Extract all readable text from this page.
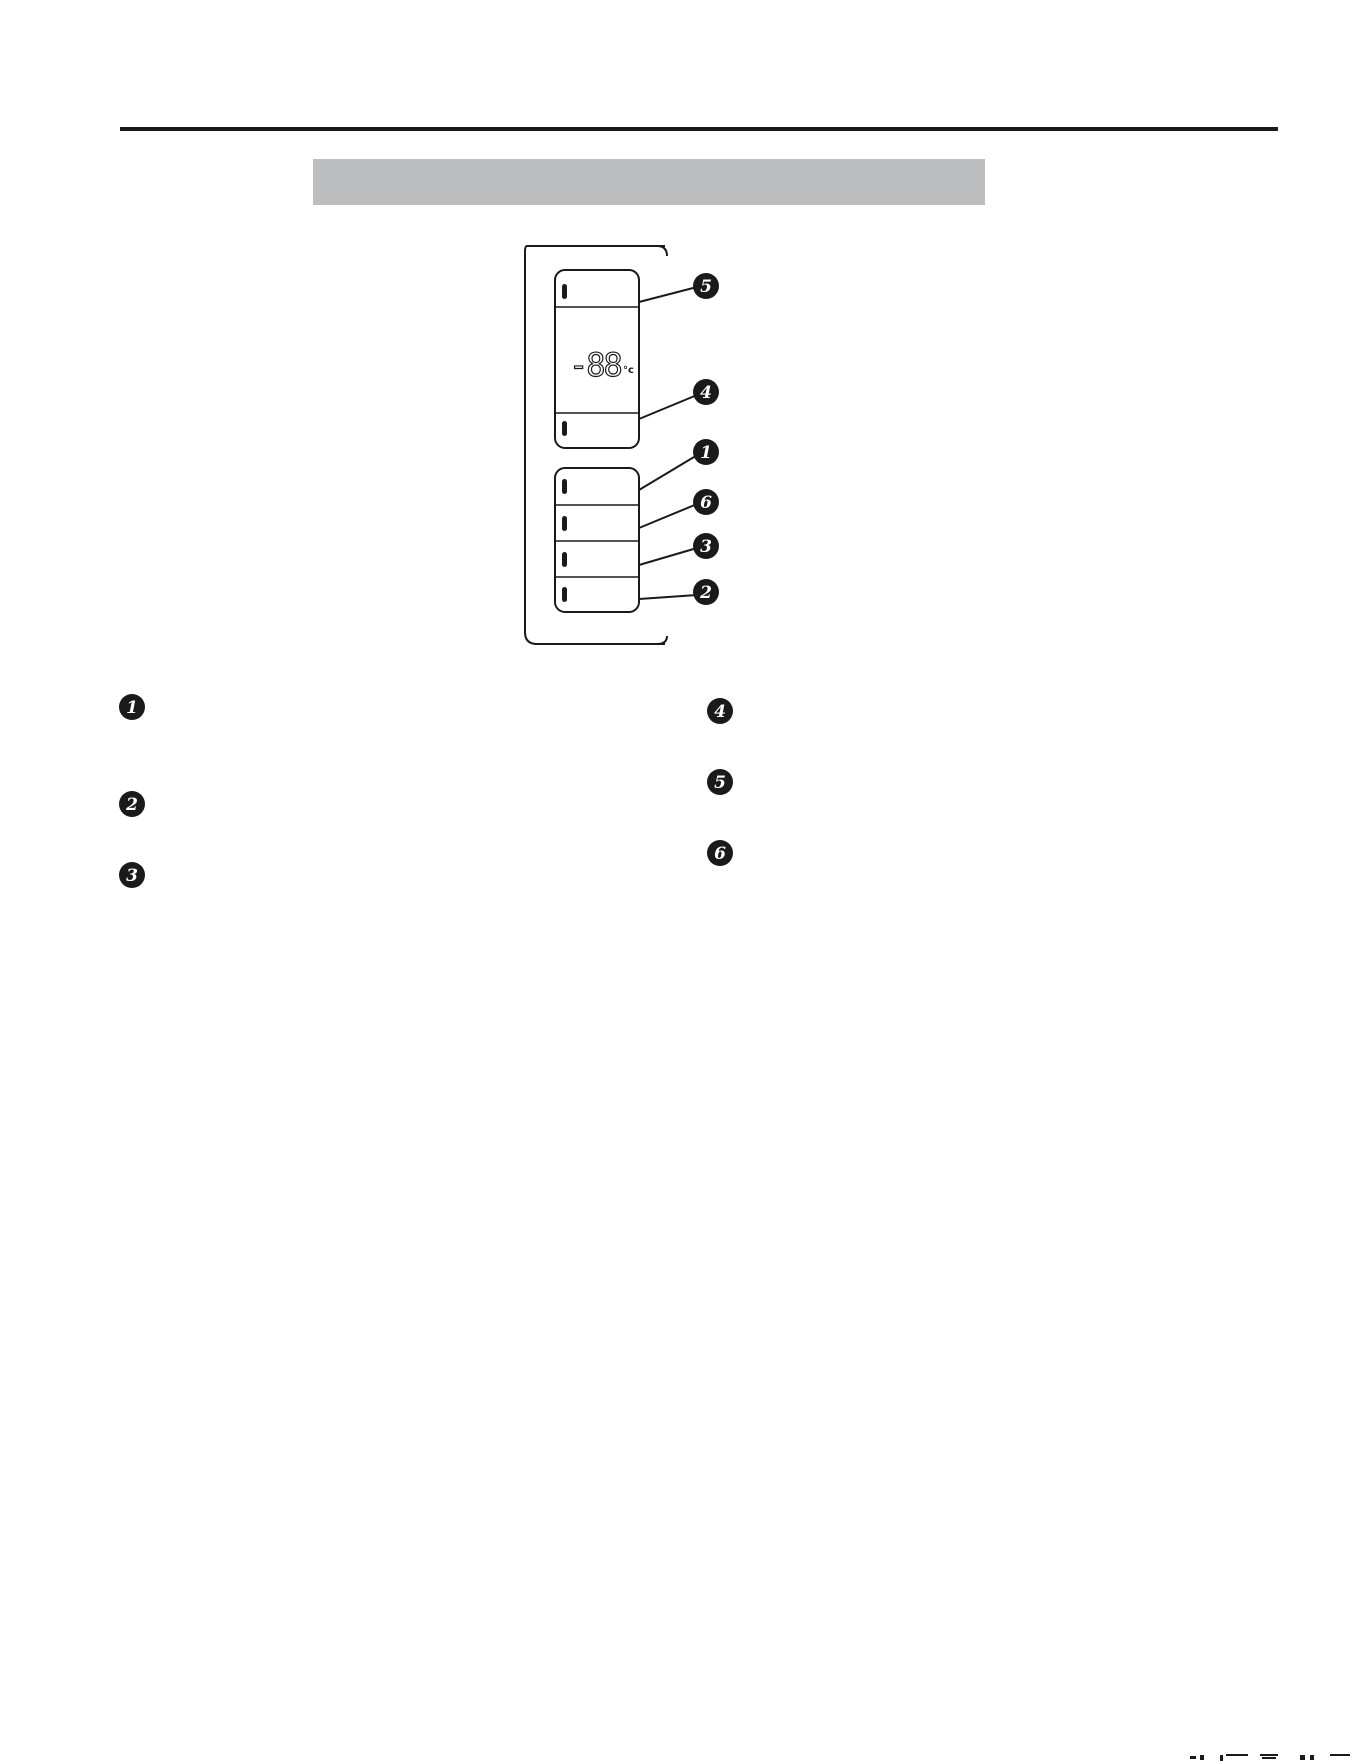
-88 °c
5
4
1
6
3
2
1
2
3
4
5
6
